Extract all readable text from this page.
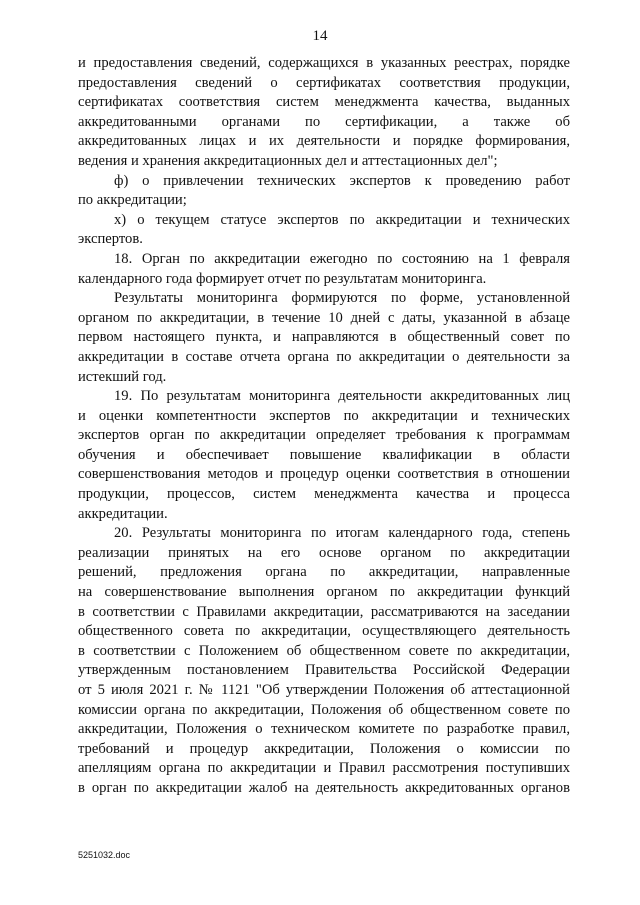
14
и предоставления сведений, содержащихся в указанных реестрах, порядке
предоставления сведений о сертификатах соответствия продукции,
сертификатах соответствия систем менеджмента качества, выданных
аккредитованными органами по сертификации, а также об
аккредитованных лицах и их деятельности и порядке формирования,
ведения и хранения аккредитационных дел и аттестационных дел";
ф) о привлечении технических экспертов к проведению работ
по аккредитации;
х) о текущем статусе экспертов по аккредитации и технических
экспертов.
18. Орган по аккредитации ежегодно по состоянию на 1 февраля
календарного года формирует отчет по результатам мониторинга.
Результаты мониторинга формируются по форме, установленной
органом по аккредитации, в течение 10 дней с даты, указанной в абзаце
первом настоящего пункта, и направляются в общественный совет по
аккредитации в составе отчета органа по аккредитации о деятельности за
истекший год.
19. По результатам мониторинга деятельности аккредитованных лиц
и оценки компетентности экспертов по аккредитации и технических
экспертов орган по аккредитации определяет требования к программам
обучения и обеспечивает повышение квалификации в области
совершенствования методов и процедур оценки соответствия в отношении
продукции, процессов, систем менеджмента качества и процесса
аккредитации.
20. Результаты мониторинга по итогам календарного года, степень
реализации принятых на его основе органом по аккредитации
решений, предложения органа по аккредитации, направленные
на совершенствование выполнения органом по аккредитации функций
в соответствии с Правилами аккредитации, рассматриваются на заседании
общественного совета по аккредитации, осуществляющего деятельность
в соответствии с Положением об общественном совете по аккредитации,
утвержденным постановлением Правительства Российской Федерации
от 5 июля 2021 г. № 1121 "Об утверждении Положения об аттестационной
комиссии органа по аккредитации, Положения об общественном совете по
аккредитации, Положения о техническом комитете по разработке правил,
требований и процедур аккредитации, Положения о комиссии по
апелляциям органа по аккредитации и Правил рассмотрения поступивших
в орган по аккредитации жалоб на деятельность аккредитованных органов
5251032.doc
